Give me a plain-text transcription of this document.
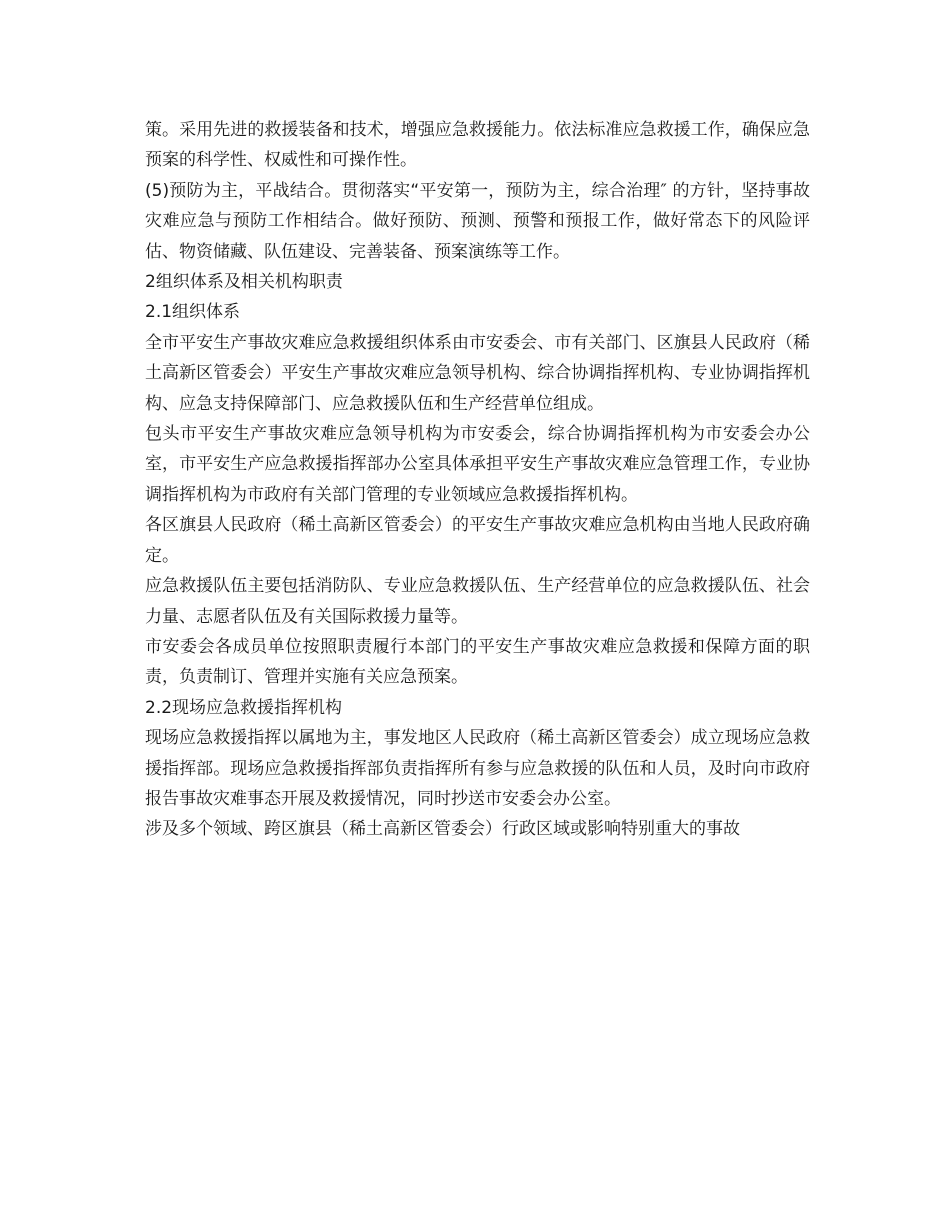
策。采用先进的救援装备和技术，增强应急救援能力。依法标准应急救援工作，确保应急预案的科学性、权威性和可操作性。

(5)预防为主，平战结合。贯彻落实“平安第一，预防为主，综合治理″ 的方针，坚持事故灾难应急与预防工作相结合。做好预防、预测、预警和预报工作，做好常态下的风险评估、物资储藏、队伍建设、完善装备、预案演练等工作。

2组织体系及相关机构职责

2.1组织体系

全市平安生产事故灾难应急救援组织体系由市安委会、市有关部门、区旗县人民政府（稀土高新区管委会）平安生产事故灾难应急领导机构、综合协调指挥机构、专业协调指挥机构、应急支持保障部门、应急救援队伍和生产经营单位组成。

包头市平安生产事故灾难应急领导机构为市安委会，综合协调指挥机构为市安委会办公室，市平安生产应急救援指挥部办公室具体承担平安生产事故灾难应急管理工作，专业协调指挥机构为市政府有关部门管理的专业领域应急救援指挥机构。

各区旗县人民政府（稀土高新区管委会）的平安生产事故灾难应急机构由当地人民政府确定。

应急救援队伍主要包括消防队、专业应急救援队伍、生产经营单位的应急救援队伍、社会力量、志愿者队伍及有关国际救援力量等。

市安委会各成员单位按照职责履行本部门的平安生产事故灾难应急救援和保障方面的职责，负责制订、管理并实施有关应急预案。

2.2现场应急救援指挥机构

现场应急救援指挥以属地为主，事发地区人民政府（稀土高新区管委会）成立现场应急救援指挥部。现场应急救援指挥部负责指挥所有参与应急救援的队伍和人员，及时向市政府报告事故灾难事态开展及救援情况，同时抄送市安委会办公室。

涉及多个领域、跨区旗县（稀土高新区管委会）行政区域或影响特别重大的事故
